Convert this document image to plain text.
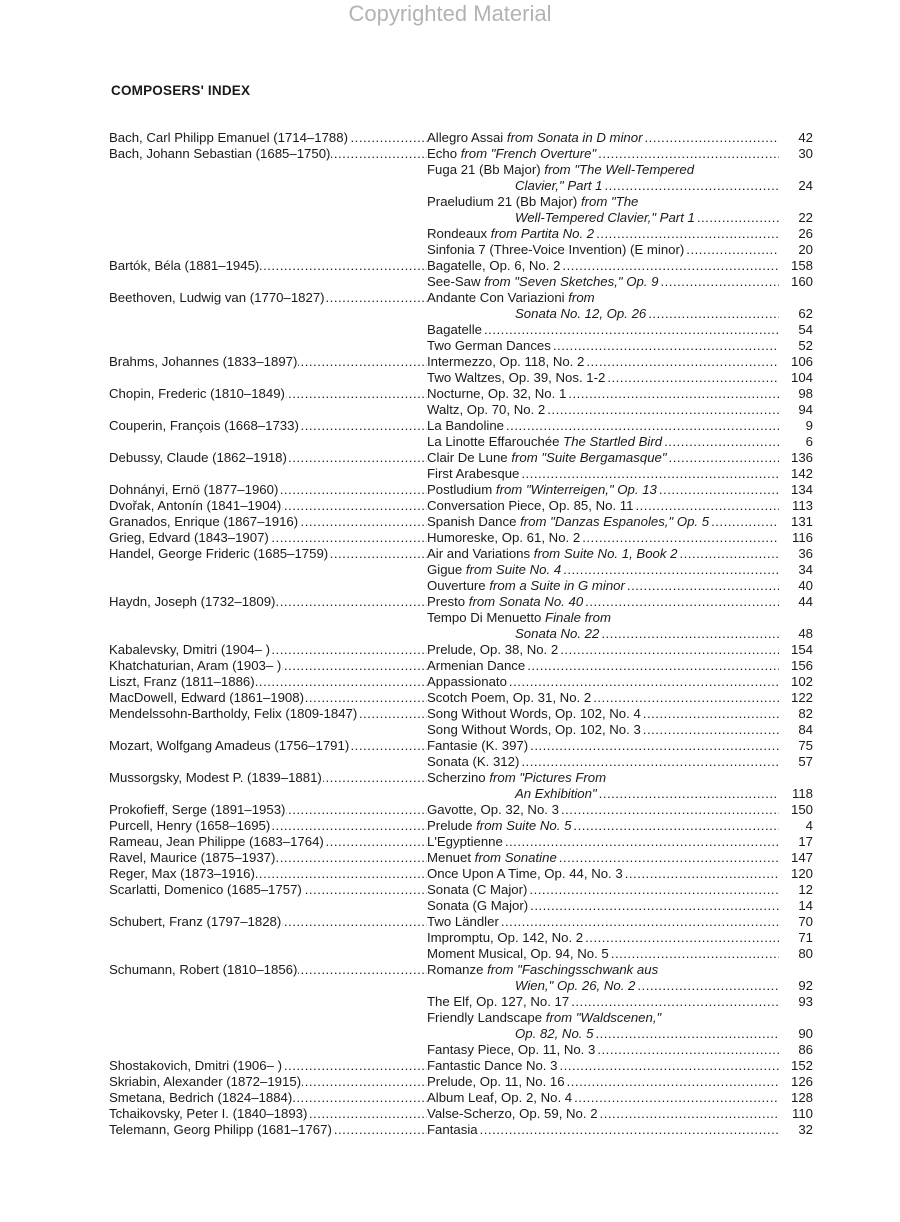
Copyrighted Material
COMPOSERS' INDEX
Bach, Carl Philipp Emanuel (1714–1788) .....	Allegro Assai from Sonata in D minor .....	42
Bach, Johann Sebastian (1685–1750) .....	Echo from "French Overture" .....	30
Fuga 21 (Bb Major) from "The Well-Tempered
Clavier," Part 1 .....	24
Praeludium 21 (Bb Major) from "The
Well-Tempered Clavier," Part 1 .....	22
Rondeaux from Partita No. 2 .....	26
Sinfonia 7 (Three-Voice Invention) (E minor) .....	20
Bartók, Béla (1881–1945) .....	Bagatelle, Op. 6, No. 2 .....	158
See-Saw from "Seven Sketches," Op. 9 .....	160
Beethoven, Ludwig van (1770–1827) .....	Andante Con Variazioni from
Sonata No. 12, Op. 26 .....	62
Bagatelle .....	54
Two German Dances .....	52
Brahms, Johannes (1833–1897) .....	Intermezzo, Op. 118, No. 2 .....	106
Two Waltzes, Op. 39, Nos. 1-2 .....	104
Chopin, Frederic (1810–1849) .....	Nocturne, Op. 32, No. 1 .....	98
Waltz, Op. 70, No. 2 .....	94
Couperin, François (1668–1733) .....	La Bandoline .....	9
La Linotte Effarouchée The Startled Bird .....	6
Debussy, Claude (1862–1918) .....	Clair De Lune from "Suite Bergamasque" .....	136
First Arabesque .....	142
Dohnányi, Ernö (1877–1960) .....	Postludium from "Winterreigen," Op. 13 .....	134
Dvořak, Antonín (1841–1904) .....	Conversation Piece, Op. 85, No. 11 .....	113
Granados, Enrique (1867–1916) .....	Spanish Dance from "Danzas Espanoles," Op. 5 .....	131
Grieg, Edvard (1843–1907) .....	Humoreske, Op. 61, No. 2 .....	116
Handel, George Frideric (1685–1759) .....	Air and Variations from Suite No. 1, Book 2 .....	36
Gigue from Suite No. 4 .....	34
Ouverture from a Suite in G minor .....	40
Haydn, Joseph (1732–1809) .....	Presto from Sonata No. 40 .....	44
Tempo Di Menuetto Finale from
Sonata No. 22 .....	48
Kabalevsky, Dmitri (1904– ) .....	Prelude, Op. 38, No. 2 .....	154
Khatchaturian, Aram (1903– ) .....	Armenian Dance .....	156
Liszt, Franz (1811–1886) .....	Appassionato .....	102
MacDowell, Edward (1861–1908) .....	Scotch Poem, Op. 31, No. 2 .....	122
Mendelssohn-Bartholdy, Felix (1809-1847) .....	Song Without Words, Op. 102, No. 4 .....	82
Song Without Words, Op. 102, No. 3 .....	84
Mozart, Wolfgang Amadeus (1756–1791) .....	Fantasie (K. 397) .....	75
Sonata (K. 312) .....	57
Mussorgsky, Modest P. (1839–1881) .....	Scherzino from "Pictures From
An Exhibition" .....	118
Prokofieff, Serge (1891–1953) .....	Gavotte, Op. 32, No. 3 .....	150
Purcell, Henry (1658–1695) .....	Prelude from Suite No. 5 .....	4
Rameau, Jean Philippe (1683–1764) .....	L'Egyptienne .....	17
Ravel, Maurice (1875–1937) .....	Menuet from Sonatine .....	147
Reger, Max (1873–1916) .....	Once Upon A Time, Op. 44, No. 3 .....	120
Scarlatti, Domenico (1685–1757) .....	Sonata (C Major) .....	12
Sonata (G Major) .....	14
Schubert, Franz (1797–1828) .....	Two Ländler .....	70
Impromptu, Op. 142, No. 2 .....	71
Moment Musical, Op. 94, No. 5 .....	80
Schumann, Robert (1810–1856) .....	Romanze from "Faschingsschwank aus
Wien," Op. 26, No. 2 .....	92
The Elf, Op. 127, No. 17 .....	93
Friendly Landscape from "Waldscenen,"
Op. 82, No. 5 .....	90
Fantasy Piece, Op. 11, No. 3 .....	86
Shostakovich, Dmitri (1906– ) .....	Fantastic Dance No. 3 .....	152
Skriabin, Alexander (1872–1915) .....	Prelude, Op. 11, No. 16 .....	126
Smetana, Bedrich (1824–1884) .....	Album Leaf, Op. 2, No. 4 .....	128
Tchaikovsky, Peter I. (1840–1893) .....	Valse-Scherzo, Op. 59, No. 2 .....	110
Telemann, Georg Philipp (1681–1767) .....	Fantasia .....	32
